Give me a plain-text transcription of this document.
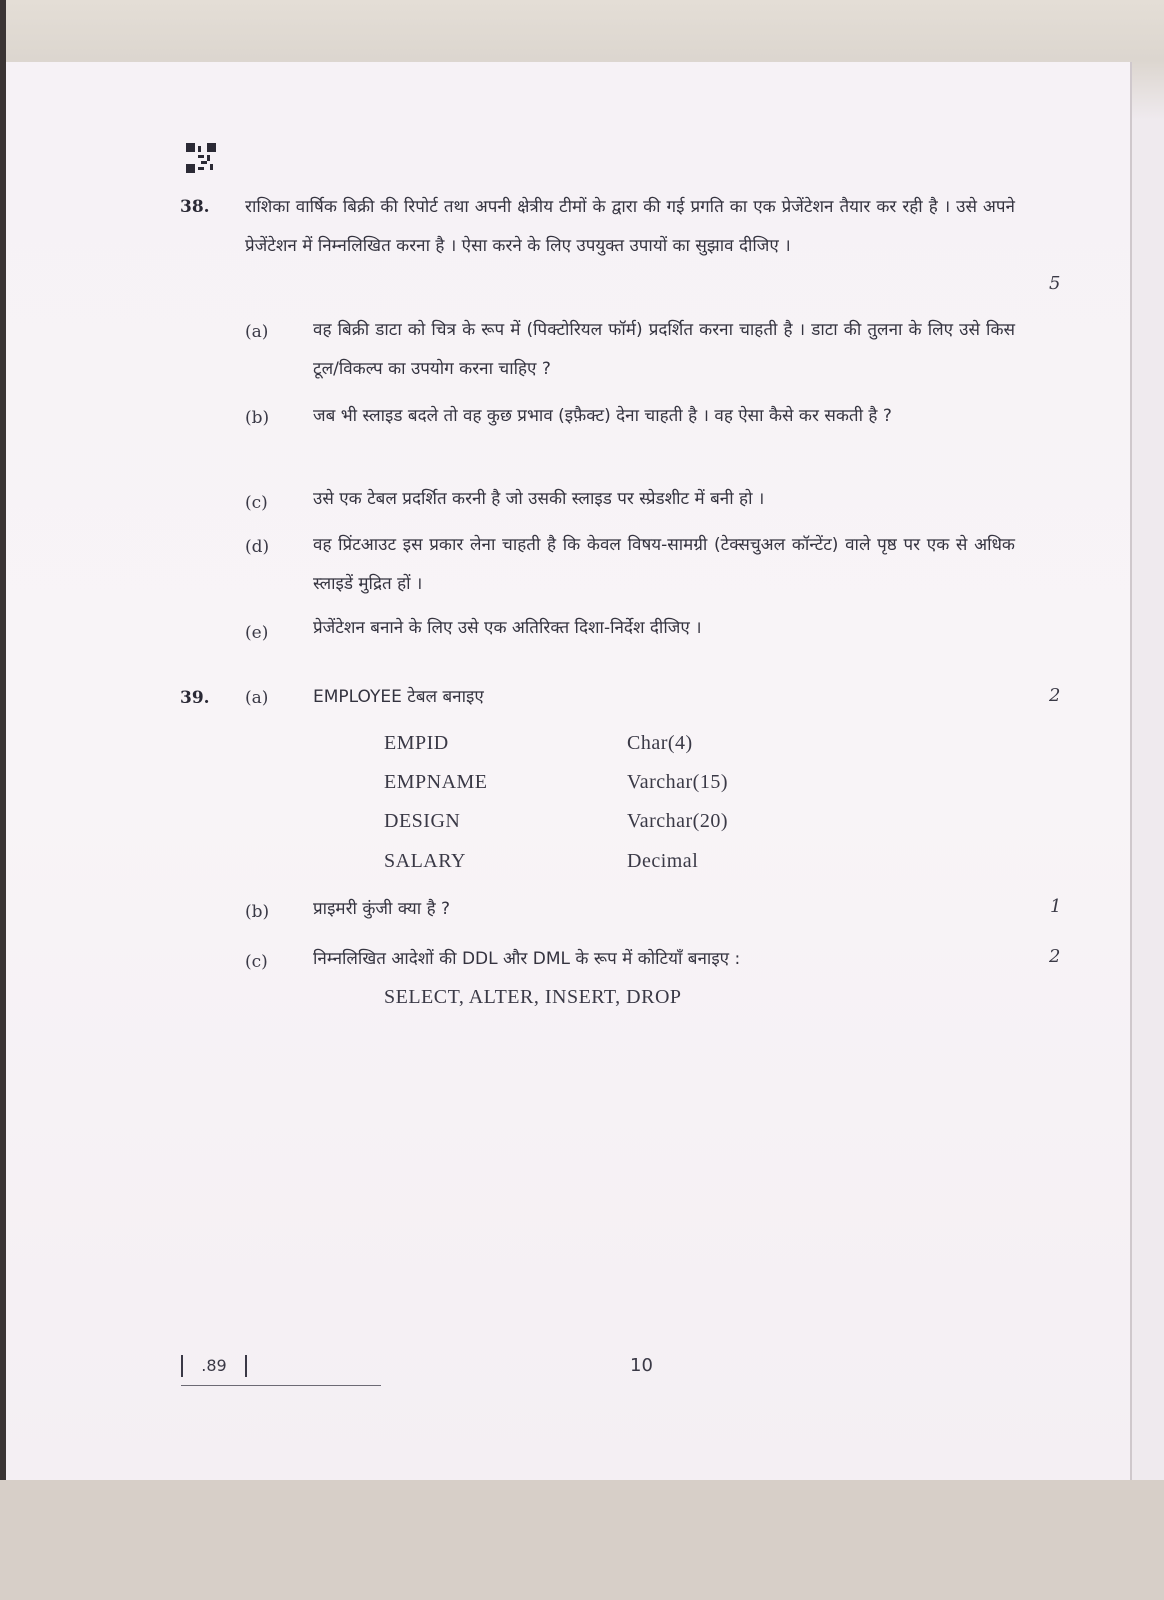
38. राशिका वार्षिक बिक्री की रिपोर्ट तथा अपनी क्षेत्रीय टीमों के द्वारा की गई प्रगति का एक प्रेजेंटेशन तैयार कर रही है । उसे अपने प्रेजेंटेशन में निम्नलिखित करना है । ऐसा करने के लिए उपयुक्त उपायों का सुझाव दीजिए ।
5
(a)	वह बिक्री डाटा को चित्र के रूप में (पिक्टोरियल फॉर्म) प्रदर्शित करना चाहती है । डाटा की तुलना के लिए उसे किस टूल/विकल्प का उपयोग करना चाहिए ?
(b)	जब भी स्लाइड बदले तो वह कुछ प्रभाव (इफ़ैक्ट) देना चाहती है । वह ऐसा कैसे कर सकती है ?
(c)	उसे एक टेबल प्रदर्शित करनी है जो उसकी स्लाइड पर स्प्रेडशीट में बनी हो ।
(d)	वह प्रिंटआउट इस प्रकार लेना चाहती है कि केवल विषय-सामग्री (टेक्सचुअल कॉन्टेंट) वाले पृष्ठ पर एक से अधिक स्लाइडें मुद्रित हों ।
(e)	प्रेजेंटेशन बनाने के लिए उसे एक अतिरिक्त दिशा-निर्देश दीजिए ।
39. (a)	EMPLOYEE टेबल बनाइए	2
EMPID	Char(4)
EMPNAME	Varchar(15)
DESIGN	Varchar(20)
SALARY	Decimal
(b)	प्राइमरी कुंजी क्या है ?	1
(c)	निम्नलिखित आदेशों की DDL और DML के रूप में कोटियाँ बनाइए :	2
SELECT, ALTER, INSERT, DROP
.89	10
